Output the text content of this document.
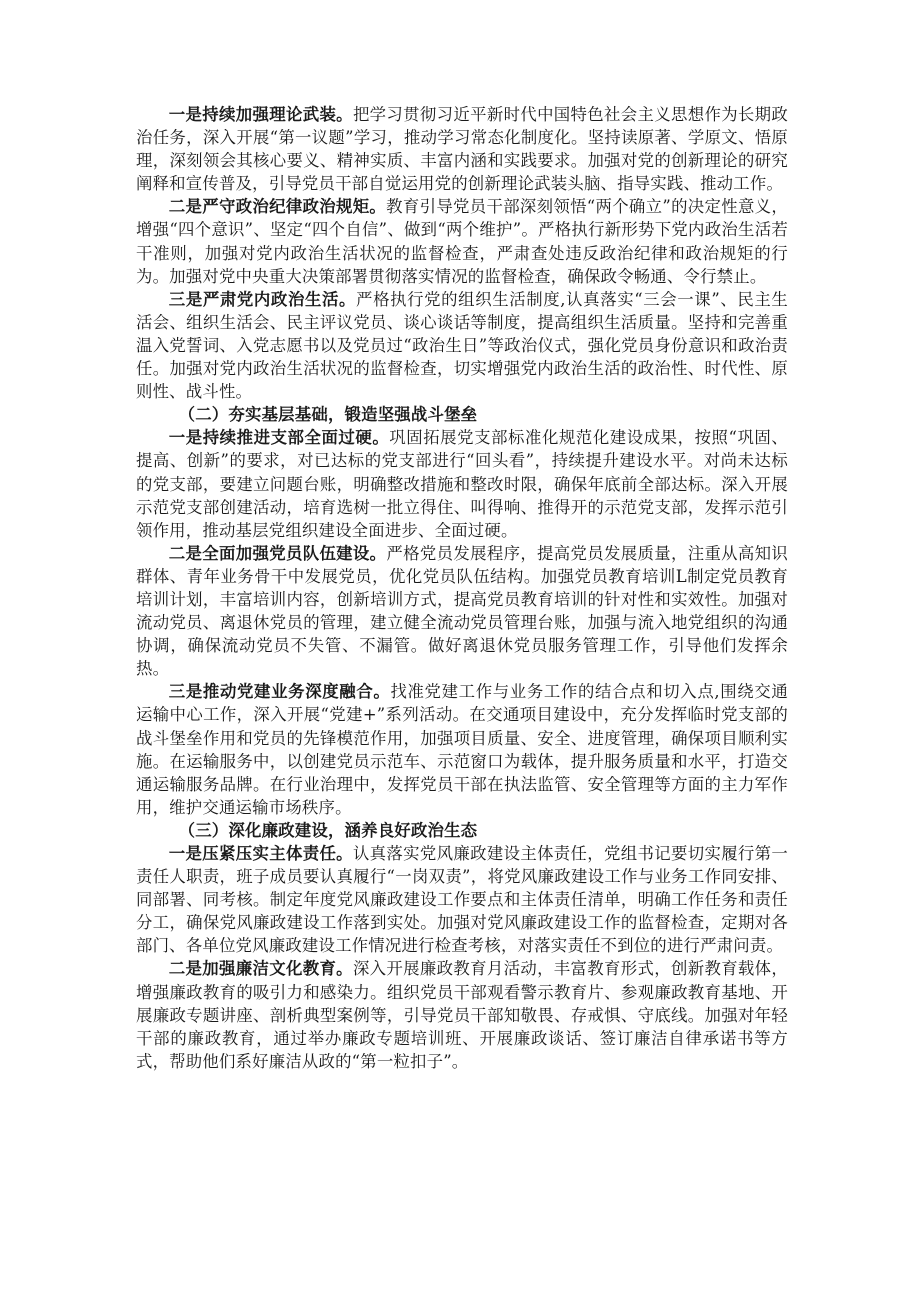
一是持续加强理论武装。把学习贯彻习近平新时代中国特色社会主义思想作为长期政治任务，深入开展“第一议题”学习，推动学习常态化制度化。坚持读原著、学原文、悟原理，深刻领会其核心要义、精神实质、丰富内涵和实践要求。加强对党的创新理论的研究阐释和宣传普及，引导党员干部自觉运用党的创新理论武装头脑、指导实践、推动工作。

二是严守政治纪律政治规矩。教育引导党员干部深刻领悟“两个确立”的决定性意义，增强“四个意识”、坚定“四个自信”、做到“两个维护”。严格执行新形势下党内政治生活若干准则，加强对党内政治生活状况的监督检查，严肃查处违反政治纪律和政治规矩的行为。加强对党中央重大决策部署贯彻落实情况的监督检查，确保政令畅通、令行禁止。

三是严肃党内政治生活。严格执行党的组织生活制度,认真落实“三会一课”、民主生活会、组织生活会、民主评议党员、谈心谈话等制度，提高组织生活质量。坚持和完善重温入党誓词、入党志愿书以及党员过“政治生日”等政治仪式，强化党员身份意识和政治责任。加强对党内政治生活状况的监督检查，切实增强党内政治生活的政治性、时代性、原则性、战斗性。

（二）夯实基层基础，锻造坚强战斗堡垒

一是持续推进支部全面过硬。巩固拓展党支部标准化规范化建设成果，按照“巩固、提高、创新”的要求，对已达标的党支部进行“回头看”，持续提升建设水平。对尚未达标的党支部，要建立问题台账，明确整改措施和整改时限，确保年底前全部达标。深入开展示范党支部创建活动，培育选树一批立得住、叫得响、推得开的示范党支部，发挥示范引领作用，推动基层党组织建设全面进步、全面过硬。

二是全面加强党员队伍建设。严格党员发展程序，提高党员发展质量，注重从高知识群体、青年业务骨干中发展党员，优化党员队伍结构。加强党员教育培训L制定党员教育培训计划，丰富培训内容，创新培训方式，提高党员教育培训的针对性和实效性。加强对流动党员、离退休党员的管理，建立健全流动党员管理台账，加强与流入地党组织的沟通协调，确保流动党员不失管、不漏管。做好离退休党员服务管理工作，引导他们发挥余热。

三是推动党建业务深度融合。找准党建工作与业务工作的结合点和切入点,围绕交通运输中心工作，深入开展“党建+”系列活动。在交通项目建设中，充分发挥临时党支部的战斗堡垒作用和党员的先锋模范作用，加强项目质量、安全、进度管理，确保项目顺利实施。在运输服务中，以创建党员示范车、示范窗口为载体，提升服务质量和水平，打造交通运输服务品牌。在行业治理中，发挥党员干部在执法监管、安全管理等方面的主力军作用，维护交通运输市场秩序。

（三）深化廉政建设，涵养良好政治生态

一是压紧压实主体责任。认真落实党风廉政建设主体责任，党组书记要切实履行第一责任人职责，班子成员要认真履行“一岗双责”，将党风廉政建设工作与业务工作同安排、同部署、同考核。制定年度党风廉政建设工作要点和主体责任清单，明确工作任务和责任分工，确保党风廉政建设工作落到实处。加强对党风廉政建设工作的监督检查，定期对各部门、各单位党风廉政建设工作情况进行检查考核，对落实责任不到位的进行严肃问责。

二是加强廉洁文化教育。深入开展廉政教育月活动，丰富教育形式，创新教育载体，增强廉政教育的吸引力和感染力。组织党员干部观看警示教育片、参观廉政教育基地、开展廉政专题讲座、剖析典型案例等，引导党员干部知敬畏、存戒惧、守底线。加强对年轻干部的廉政教育，通过举办廉政专题培训班、开展廉政谈话、签订廉洁自律承诺书等方式，帮助他们系好廉洁从政的“第一粒扣子”。
